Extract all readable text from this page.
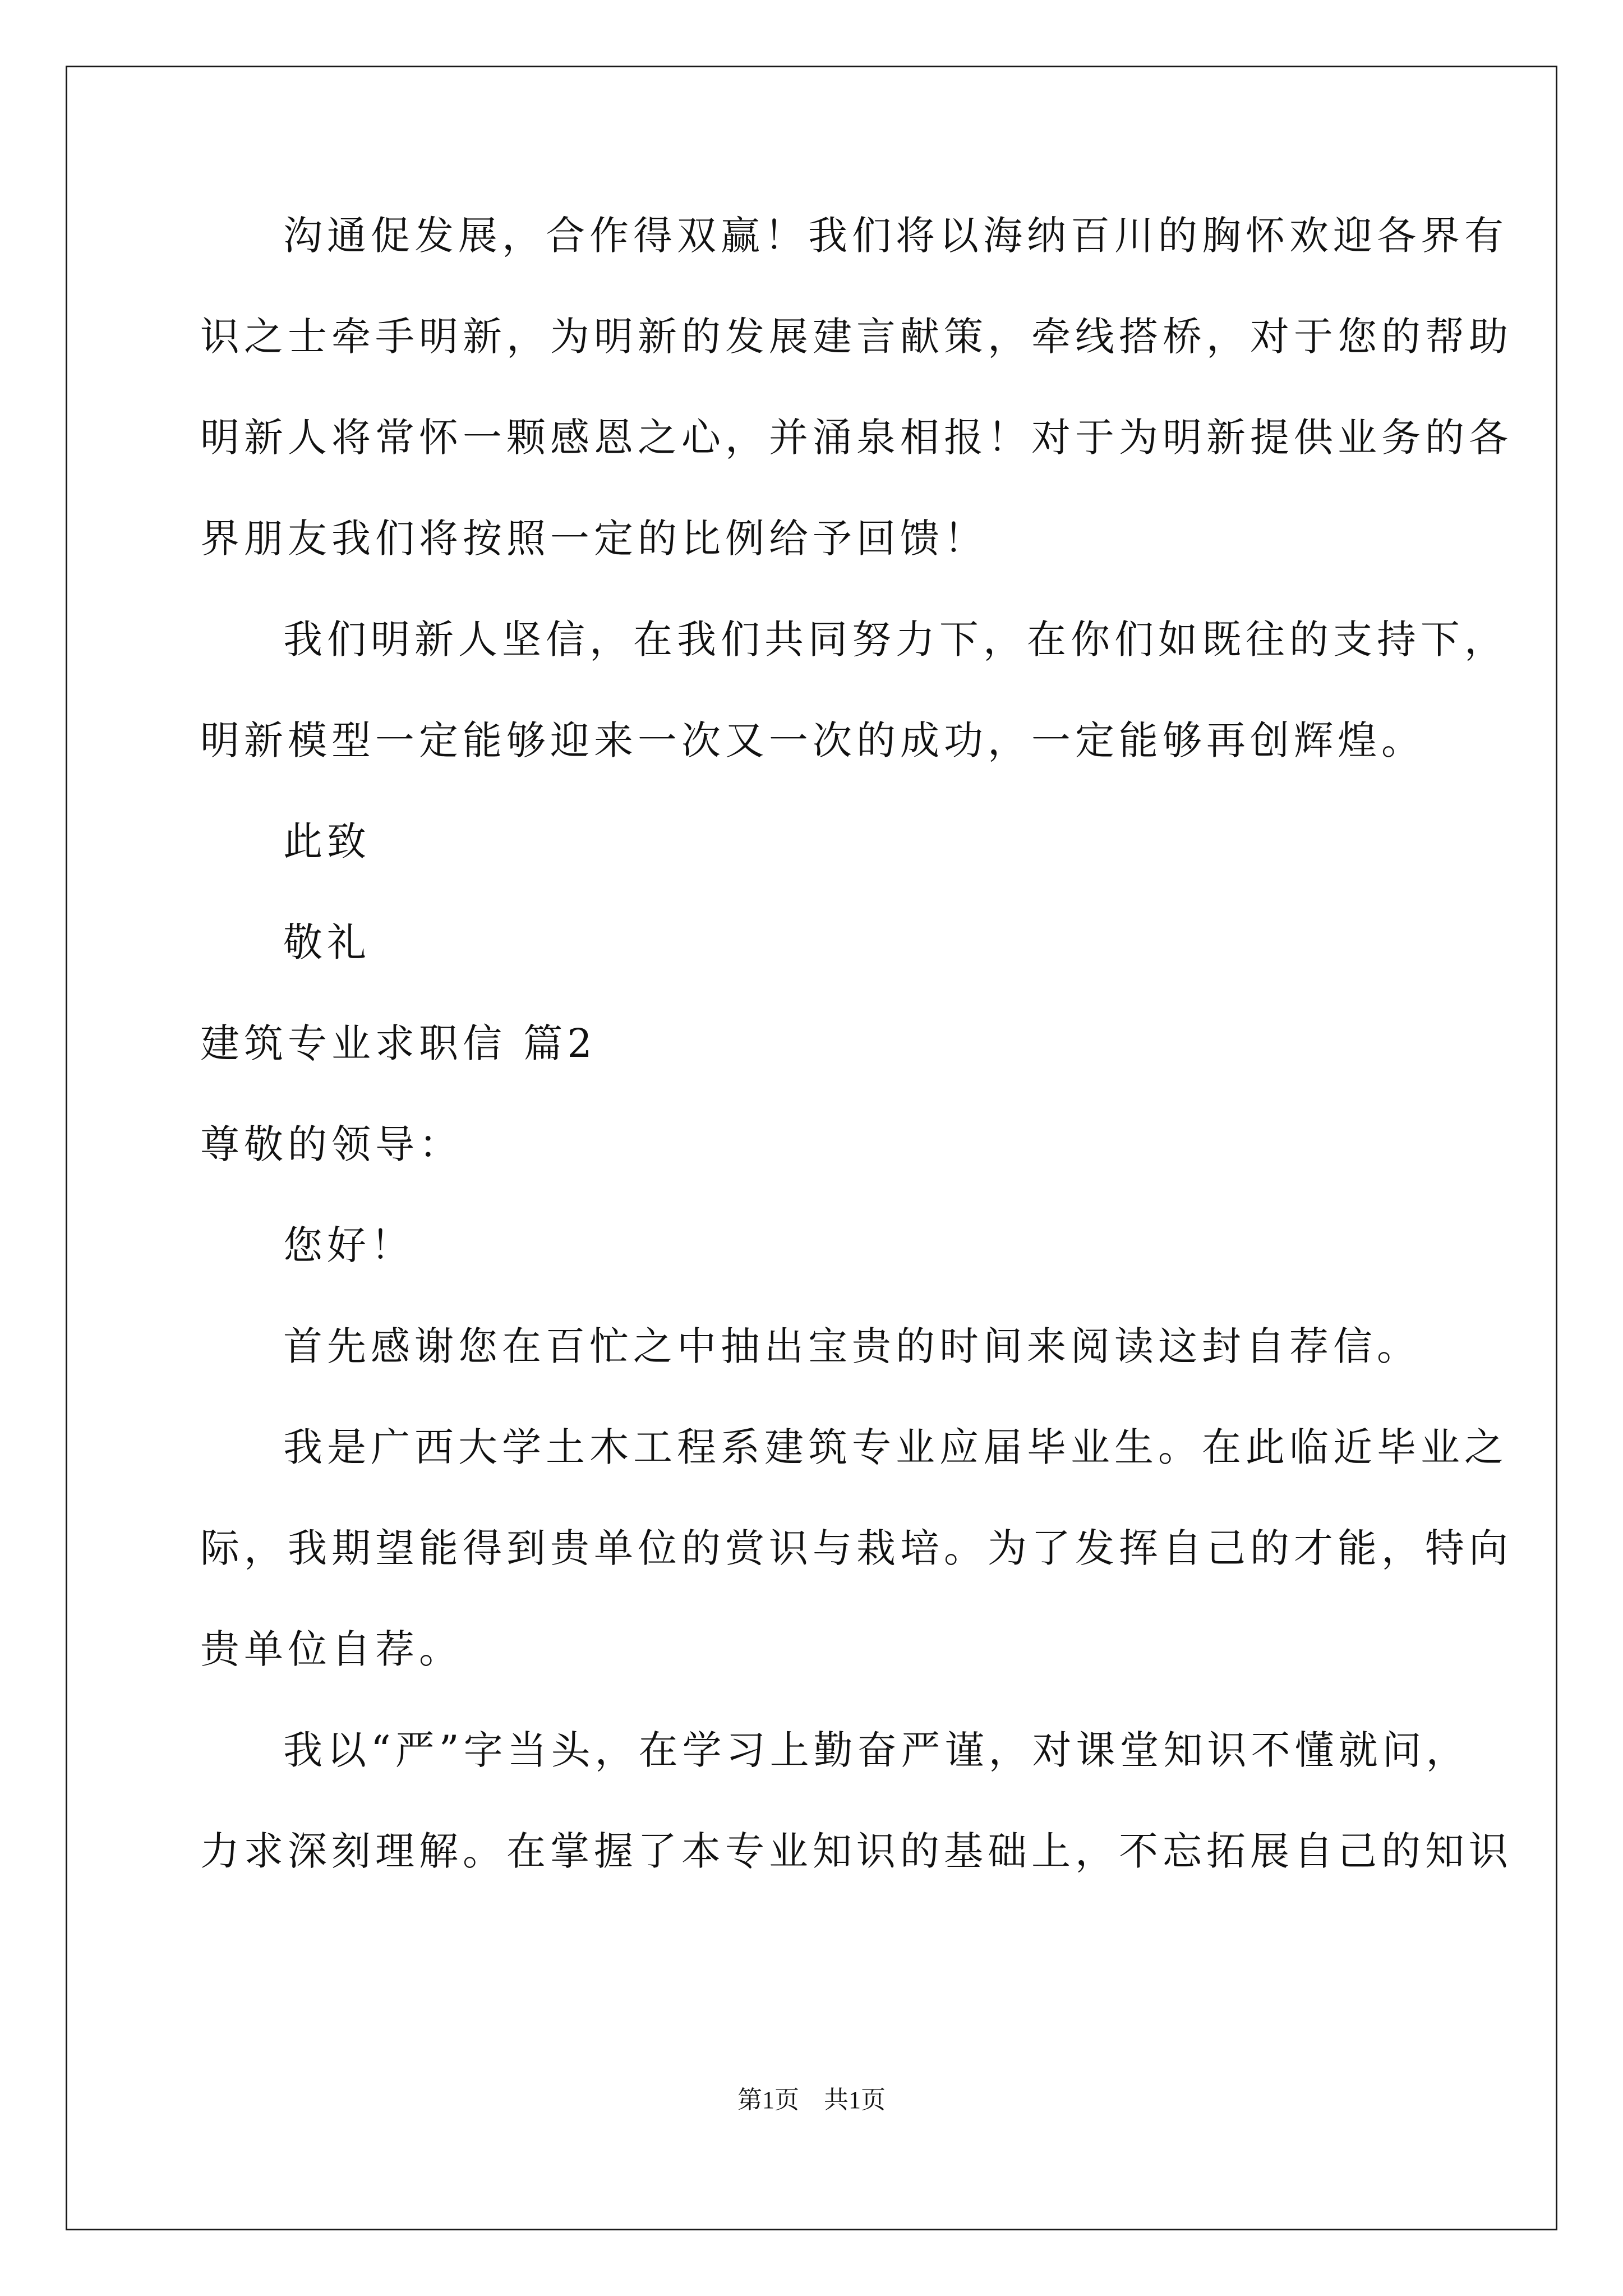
沟通促发展，合作得双赢！我们将以海纳百川的胸怀欢迎各界有
识之士牵手明新，为明新的发展建言献策，牵线搭桥，对于您的帮助
明新人将常怀一颗感恩之心，并涌泉相报！对于为明新提供业务的各
界朋友我们将按照一定的比例给予回馈！
我们明新人坚信，在我们共同努力下，在你们如既往的支持下，
明新模型一定能够迎来一次又一次的成功，一定能够再创辉煌。
此致
敬礼
建筑专业求职信 篇2
尊敬的领导：
您好！
首先感谢您在百忙之中抽出宝贵的时间来阅读这封自荐信。
我是广西大学土木工程系建筑专业应届毕业生。在此临近毕业之
际，我期望能得到贵单位的赏识与栽培。为了发挥自己的才能，特向
贵单位自荐。
我以“严”字当头，在学习上勤奋严谨，对课堂知识不懂就问，
力求深刻理解。在掌握了本专业知识的基础上，不忘拓展自己的知识
第1页　共1页
